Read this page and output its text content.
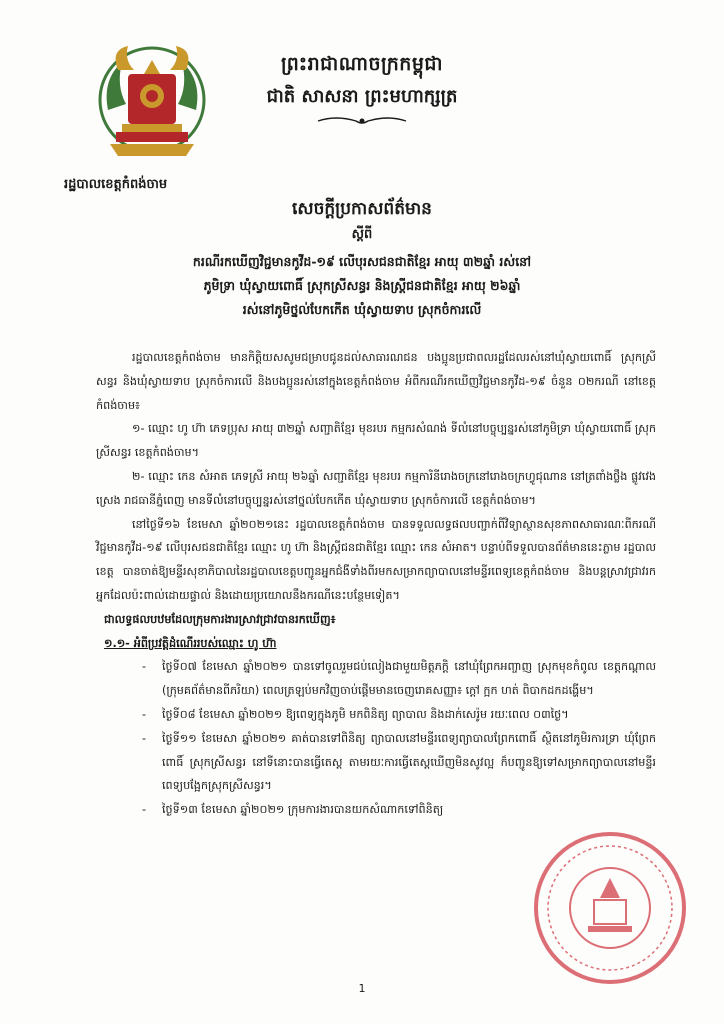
រដ្ឋបាលខេត្តកំពង់ចាម
ព្រះរាជាណាចក្រកម្ពុជា
ជាតិ សាសនា ព្រះមហាក្សត្រ
សេចក្ដីប្រកាសព័ត៌មាន
ស្ដីពី
ករណីរកឃើញវិជ្ជមានកូវីដ-១៩ លើបុរសជនជាតិខ្មែរ អាយុ ៣២ឆ្នាំ រស់នៅ
ភូមិទ្រា ឃុំស្វាយពោធិ៍ ស្រុកស្រីសន្ធរ និងស្ត្រីជនជាតិខ្មែរ អាយុ ២៦ឆ្នាំ
រស់នៅភូមិថ្នល់បែកកើត ឃុំស្វាយទាប ស្រុកចំការលើ

រដ្ឋបាលខេត្តកំពង់ចាម មានកិត្តិយសសូមជម្រាបជូនដល់សាធារណជន បងប្អូនប្រជាពលរដ្ឋដែលរស់នៅឃុំស្វាយពោធិ៍ ស្រុកស្រីសន្ធរ និងឃុំស្វាយទាប ស្រុកចំការលើ និងបងប្អូនរស់នៅក្នុងខេត្តកំពង់ចាម អំពីករណីរកឃើញវិជ្ជមានកូវីដ-១៩ ចំនួន ០២ករណី នៅខេត្តកំពង់ចាម៖

១- ឈ្មោះ ហូ ហ៊ា ភេទប្រុស អាយុ ៣២ឆ្នាំ សញ្ជាតិខ្មែរ មុខរបរ កម្មករសំណង់ ទីលំនៅបច្ចុប្បន្នរស់នៅភូមិទ្រា ឃុំស្វាយពោធិ៍ ស្រុកស្រីសន្ធរ ខេត្តកំពង់ចាម។

២- ឈ្មោះ កេន សំអាត ភេទស្រី អាយុ ២៦ឆ្នាំ សញ្ជាតិខ្មែរ មុខរបរ កម្មការិនីរោងចក្រនៅរោងចក្រហ្វូជុណាន នៅត្រពាំងថ្លឹង ផ្លូវវេងស្រេង រាជធានីភ្នំពេញ មានទីលំនៅបច្ចុប្បន្នរស់នៅថ្នល់បែកកើត ឃុំស្វាយទាប ស្រុកចំការលើ ខេត្តកំពង់ចាម។

នៅថ្ងៃទី១៦ ខែមេសា ឆ្នាំ២០២១នេះ រដ្ឋបាលខេត្តកំពង់ចាម បានទទួលលទ្ធផលបញ្ជាក់ពីវិទ្យាស្ថានសុខភាពសាធារណៈពីករណីវិជ្ជមានកូវីដ-១៩ លើបុរសជនជាតិខ្មែរ ឈ្មោះ ហូ ហ៊ា និងស្ត្រីជនជាតិខ្មែរ ឈ្មោះ កេន សំអាត។ បន្ទាប់ពីទទួលបានព័ត៌មាននេះភ្លាម រដ្ឋបាលខេត្ត បានចាត់ឱ្យមន្ទីរសុខាភិបាលនៃរដ្ឋបាលខេត្តបញ្ជូនអ្នកជំងឺទាំងពីរមកសម្រាកព្យាបាលនៅមន្ទីរពេទ្យខេត្តកំពង់ចាម និងបន្តស្រាវជ្រាវរកអ្នកដែលប៉ះពាល់ដោយផ្ទាល់ និងដោយប្រយោលនឹងករណីនេះបន្ថែមទៀត។

ជាលទ្ធផលបឋមដែលក្រុមការងារស្រាវជ្រាវបានរកឃើញ៖

១.១- អំពីប្រវត្តិដំណើររបស់ឈ្មោះ ហូ ហ៊ា

- ថ្ងៃទី០៧ ខែមេសា ឆ្នាំ២០២១ បានទៅចូលរួមជប់លៀងជាមួយមិត្តភក្ដិ នៅឃុំព្រែកអញ្ចាញ ស្រុកមុខកំពូល ខេត្តកណ្ដាល (ក្រុមគព័ត៌មានពីភរិយា) ពេលត្រឡប់មកវិញចាប់ផ្ដើមមានចេញរោគសញ្ញា៖ ក្ដៅ ក្អក ហត់ ពិបាកដកដង្ហើម។

- ថ្ងៃទី០៨ ខែមេសា ឆ្នាំ២០២១ ឱ្យពេទ្យក្នុងភូមិ មកពិនិត្យ ព្យាបាល និងដាក់សេរ៉ូម រយៈពេល ០៣ថ្ងៃ។

- ថ្ងៃទី១១ ខែមេសា ឆ្នាំ២០២១ គាត់បានទៅពិនិត្យ ព្យាបាលនៅមន្ទីរពេទ្យព្យាបាលព្រែកពោធិ៍ ស្ថិតនៅភូមិរការទ្រា ឃុំព្រែកពោធិ៍ ស្រុកស្រីសន្ធរ នៅទីនោះបានធ្វើតេស្ត តាមរយៈការធ្វើតេស្តឃើញមិនសូវល្អ ក៏បញ្ជូនឱ្យទៅសម្រាកព្យាបាលនៅមន្ទីរពេទ្យបង្អែកស្រុកស្រីសន្ធរ។

- ថ្ងៃទី១៣ ខែមេសា ឆ្នាំ២០២១ ក្រុមការងារបានយកសំណាកទៅពិនិត្យ

1
